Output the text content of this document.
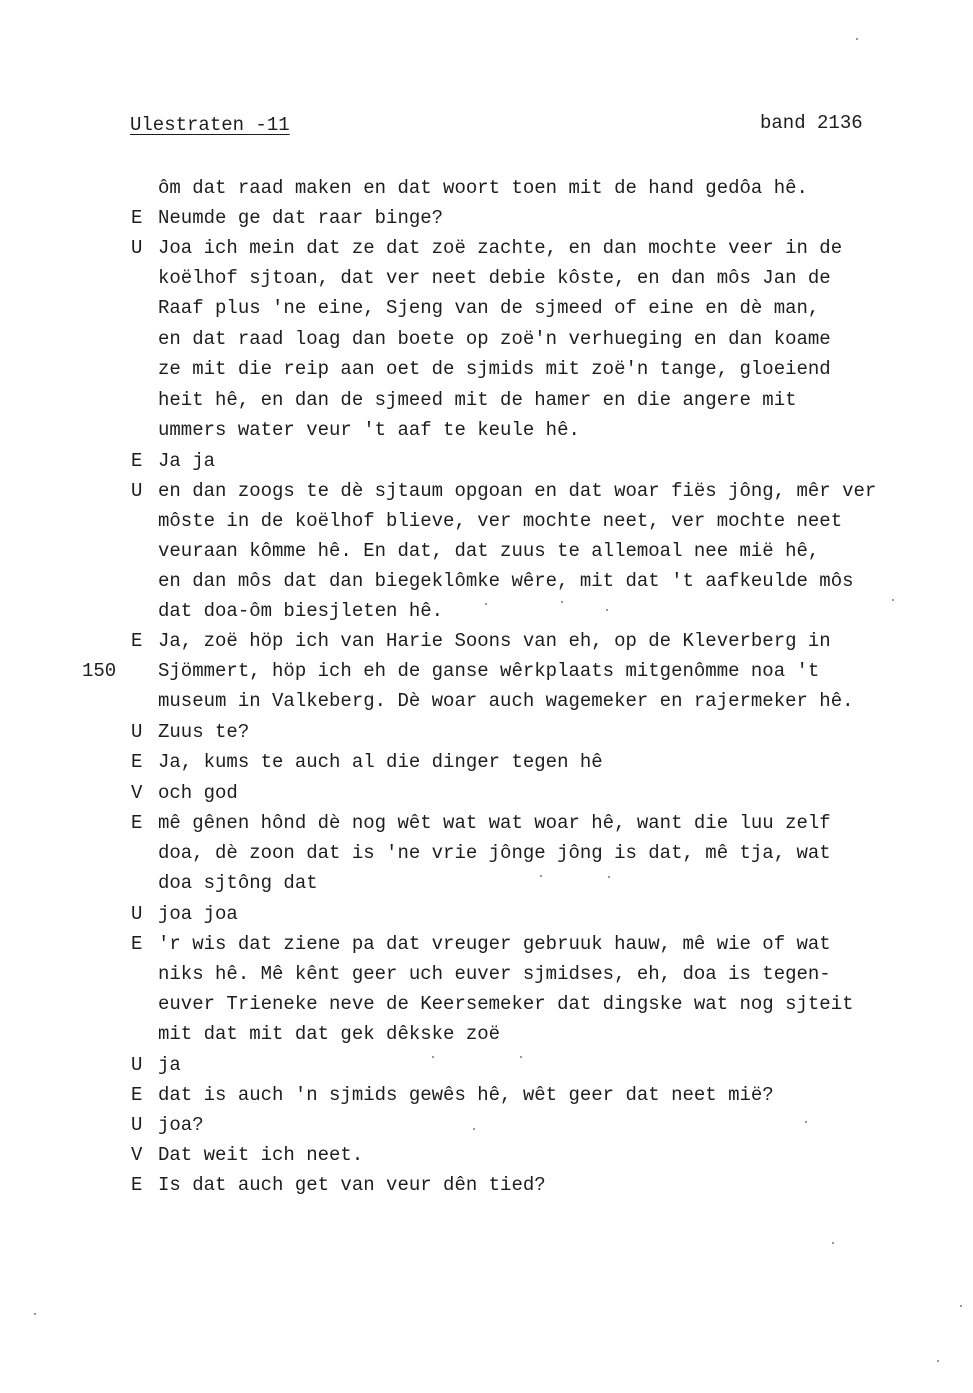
Ulestraten -11	band 2136
E
U
E
U
E
U
E
V
E
U
E
U
E
U
V
E
150
ôm dat raad maken en dat woort toen mit de hand gedôa hê.
Neumde ge dat raar binge?
Joa ich mein dat ze dat zoë zachte, en dan mochte veer in de
koëlhof sjtoan, dat ver neet debie kôste, en dan môs Jan de
Raaf plus 'ne eine, Sjeng van de sjmeed of eine en dè man,
en dat raad loag dan boete op zoë'n verhueging en dan koame
ze mit die reip aan oet de sjmids mit zoë'n tange, gloeiend
heit hê, en dan de sjmeed mit de hamer en die angere mit
ummers water veur 't aaf te keule hê.
Ja ja
en dan zoogs te dè sjtaum opgoan en dat woar fiës jông, mêr ver
môste in de koëlhof blieve, ver mochte neet, ver mochte neet
veuraan kômme hê. En dat, dat zuus te allemoal nee mië hê,
en dan môs dat dan biegeklômke wêre, mit dat 't aafkeulde môs
dat doa-ôm biesjleten hê.
Ja, zoë höp ich van Harie Soons van eh, op de Kleverberg in
Sjömmert, höp ich eh de ganse wêrkplaats mitgenômme noa 't
museum in Valkeberg. Dè woar auch wagemeker en rajermeker hê.
Zuus te?
Ja, kums te auch al die dinger tegen hê
och god
mê gênen hônd dè nog wêt wat wat woar hê, want die luu zelf
doa, dè zoon dat is 'ne vrie jônge jông is dat, mê tja, wat
doa sjtông dat
joa joa
'r wis dat ziene pa dat vreuger gebruuk hauw, mê wie of wat
niks hê. Mê kênt geer uch euver sjmidses, eh, doa is tegen-
euver Trieneke neve de Keersemeker dat dingske wat nog sjteit
mit dat mit dat gek dêkske zoë
ja
dat is auch 'n sjmids gewês hê, wêt geer dat neet mië?
joa?
Dat weit ich neet.
Is dat auch get van veur dên tied?
